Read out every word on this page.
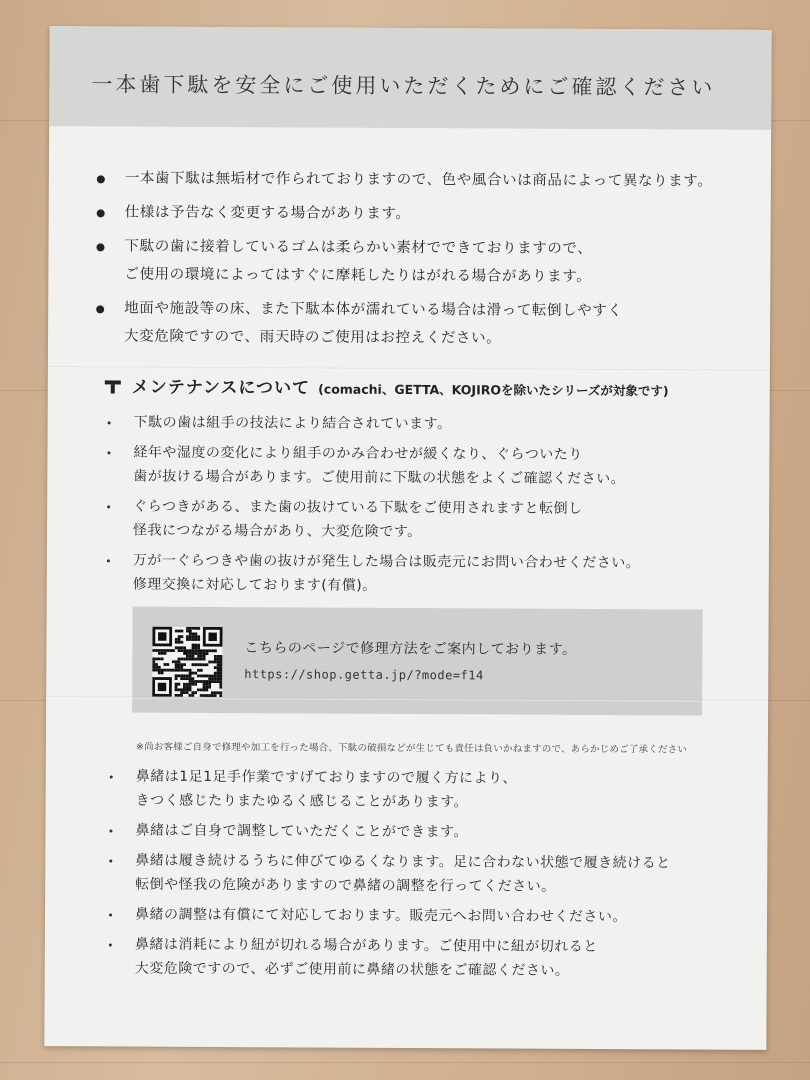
一本歯下駄を安全にご使用いただくためにご確認ください
一本歯下駄は無垢材で作られておりますので、色や風合いは商品によって異なります。
仕様は予告なく変更する場合があります。
下駄の歯に接着しているゴムは柔らかい素材でできておりますので、
ご使用の環境によってはすぐに摩耗したりはがれる場合があります。
地面や施設等の床、また下駄本体が濡れている場合は滑って転倒しやすく
大変危険ですので、雨天時のご使用はお控えください。
メンテナンスについて (comachi、GETTA、KOJIROを除いたシリーズが対象です)
下駄の歯は組手の技法により結合されています。
経年や湿度の変化により組手のかみ合わせが緩くなり、ぐらついたり
歯が抜ける場合があります。ご使用前に下駄の状態をよくご確認ください。
ぐらつきがある、また歯の抜けている下駄をご使用されますと転倒し
怪我につながる場合があり、大変危険です。
万が一ぐらつきや歯の抜けが発生した場合は販売元にお問い合わせください。
修理交換に対応しております(有償)。
こちらのページで修理方法をご案内しております。
https://shop.getta.jp/?mode=f14
※尚お客様ご自身で修理や加工を行った場合、下駄の破損などが生じても責任は負いかねますので、あらかじめご了承ください
鼻緒は1足1足手作業ですげておりますので履く方により、
きつく感じたりまたゆるく感じることがあります。
鼻緒はご自身で調整していただくことができます。
鼻緒は履き続けるうちに伸びてゆるくなります。足に合わない状態で履き続けると
転倒や怪我の危険がありますので鼻緒の調整を行ってください。
鼻緒の調整は有償にて対応しております。販売元へお問い合わせください。
鼻緒は消耗により紐が切れる場合があります。ご使用中に紐が切れると
大変危険ですので、必ずご使用前に鼻緒の状態をご確認ください。
